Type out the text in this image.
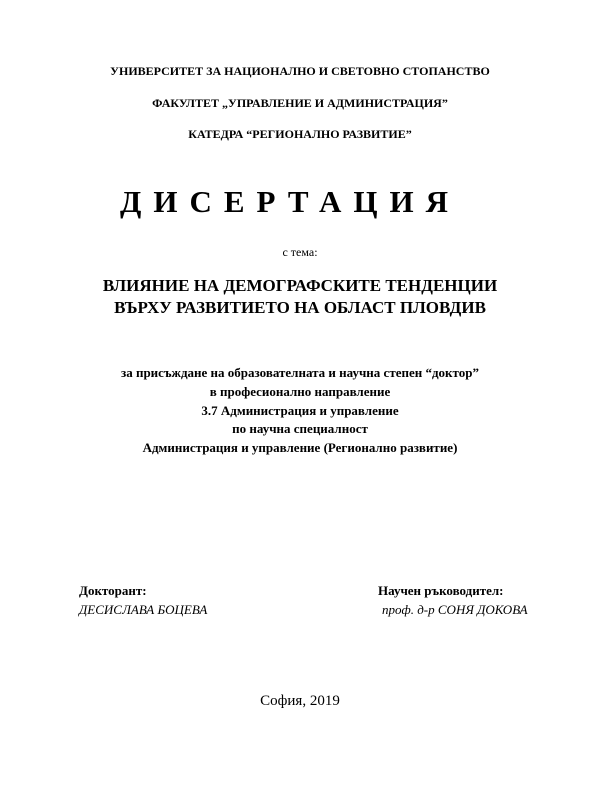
УНИВЕРСИТЕТ ЗА НАЦИОНАЛНО И СВЕТОВНО СТОПАНСТВО
ФАКУЛТЕТ „УПРАВЛЕНИЕ И АДМИНИСТРАЦИЯ”
КАТЕДРА “РЕГИОНАЛНО РАЗВИТИЕ”
ДИСЕРТАЦИЯ
с тема:
ВЛИЯНИЕ НА ДЕМОГРАФСКИТЕ ТЕНДЕНЦИИ
ВЪРХУ РАЗВИТИЕТО НА ОБЛАСТ ПЛОВДИВ
за присъждане на образователната и научна степен “доктор”
в професионално направление
3.7 Администрация и управление
по научна специалност
Администрация и управление (Регионално развитие)
Докторант:
ДЕСИСЛАВА БОЦЕВА
Научен ръководител:
проф. д-р СОНЯ ДОКОВА
София, 2019
